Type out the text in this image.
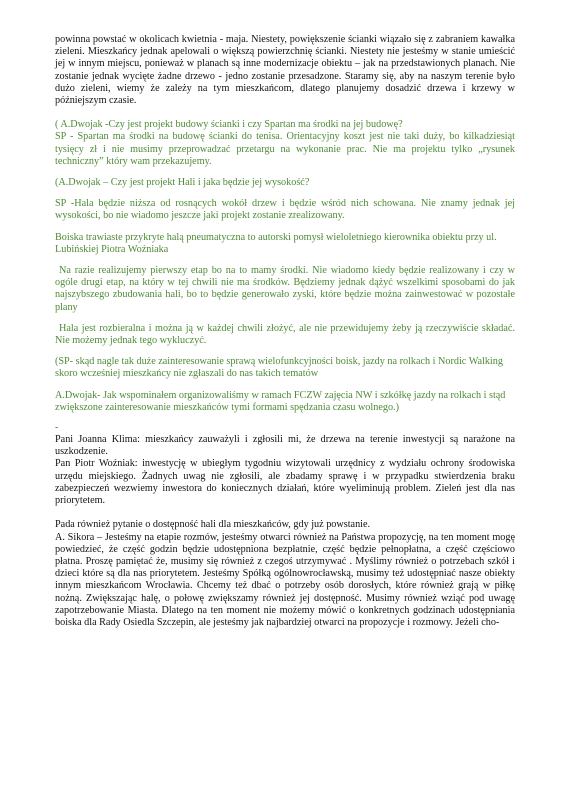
powinna powstać w okolicach kwietnia - maja. Niestety, powiększenie ścianki wiązało się z zabraniem kawałka zieleni. Mieszkańcy jednak apelowali o większą powierzchnię ścianki. Niestety nie jesteśmy w stanie umieścić jej w innym miejscu, ponieważ w planach są inne modernizacje obiektu – jak na przedstawionych planach. Nie zostanie jednak wycięte żadne drzewo - jedno zostanie przesadzone. Staramy się, aby na naszym terenie było dużo zieleni, wiemy że zależy na tym mieszkańcom, dlatego planujemy dosadzić drzewa i krzewy w późniejszym czasie.

( A.Dwojak -Czy jest projekt budowy ścianki i czy Spartan ma środki na jej budowę?

SP - Spartan ma środki na budowę ścianki do tenisa. Orientacyjny koszt jest nie taki duży, bo kilkadziesiąt tysięcy zł i nie musimy przeprowadzać przetargu na wykonanie prac. Nie ma projektu tylko „rysunek techniczny” który wam przekazujemy.

(A.Dwojak – Czy jest projekt Hali i jaka będzie jej wysokość?

SP -Hala będzie niższa od rosnących wokół drzew i będzie wśród nich schowana. Nie znamy jednak jej wysokości, bo nie wiadomo jeszcze jaki projekt zostanie zrealizowany.

Boiska trawiaste przykryte halą pneumatyczna to autorski pomysł wieloletniego kierownika obiektu przy ul. Lubińskiej Piotra Woźniaka

Na razie realizujemy pierwszy etap bo na to mamy środki. Nie wiadomo kiedy będzie realizowany i czy w ogóle drugi etap, na który w tej chwili nie ma środków. Będziemy jednak dążyć wszelkimi sposobami do jak najszybszego zbudowania hali, bo to będzie generowało zyski, które będzie można zainwestować w pozostałe plany

Hala jest rozbieralna i można ją w każdej chwili złożyć, ale nie przewidujemy żeby ją rzeczywiście składać. Nie możemy jednak tego wykluczyć.

(SP- skąd nagle tak duże zainteresowanie sprawą wielofunkcyjności boisk, jazdy na rolkach i Nordic Walking skoro wcześniej mieszkańcy nie zgłaszali do nas takich tematów

A.Dwojak- Jak wspominałem organizowaliśmy w ramach FCZW zajęcia NW i szkółkę jazdy na rolkach i stąd zwiększone zainteresowanie mieszkańców tymi formami spędzania czasu wolnego.)

-

Pani Joanna Klima: mieszkańcy zauważyli i zgłosili mi, że drzewa na terenie inwestycji są narażone na uszkodzenie.

Pan Piotr Woźniak: inwestycję w ubiegłym tygodniu wizytowali urzędnicy z wydziału ochrony środowiska urzędu miejskiego. Żadnych uwag nie zgłosili, ale zbadamy sprawę i w przypadku stwierdzenia braku zabezpieczeń wezwiemy inwestora do koniecznych działań, które wyeliminują problem. Zieleń jest dla nas priorytetem.

Pada również pytanie o dostępność hali dla mieszkańców, gdy już powstanie.

A. Sikora – Jesteśmy na etapie rozmów, jesteśmy otwarci również na Państwa propozycję, na ten moment mogę powiedzieć, że część godzin będzie udostępniona bezpłatnie, część będzie pełnopłatna, a część częściowo płatna. Proszę pamiętać że, musimy się również z czegoś utrzymywać . Myślimy również o potrzebach szkół i dzieci które są dla nas priorytetem. Jesteśmy Spółką ogólnowrocławską, musimy też udostępniać nasze obiekty innym mieszkańcom Wrocławia. Chcemy też dbać o potrzeby osób dorosłych, które również grają w piłkę nożną. Zwiększając halę, o połowę zwiększamy również jej dostępność. Musimy również wziąć pod uwagę zapotrzebowanie Miasta. Dlatego na ten moment nie możemy mówić o konkretnych godzinach udostępniania boiska dla Rady Osiedla Szczepin, ale jesteśmy jak najbardziej otwarci na propozycje i rozmowy. Jeżeli cho-
